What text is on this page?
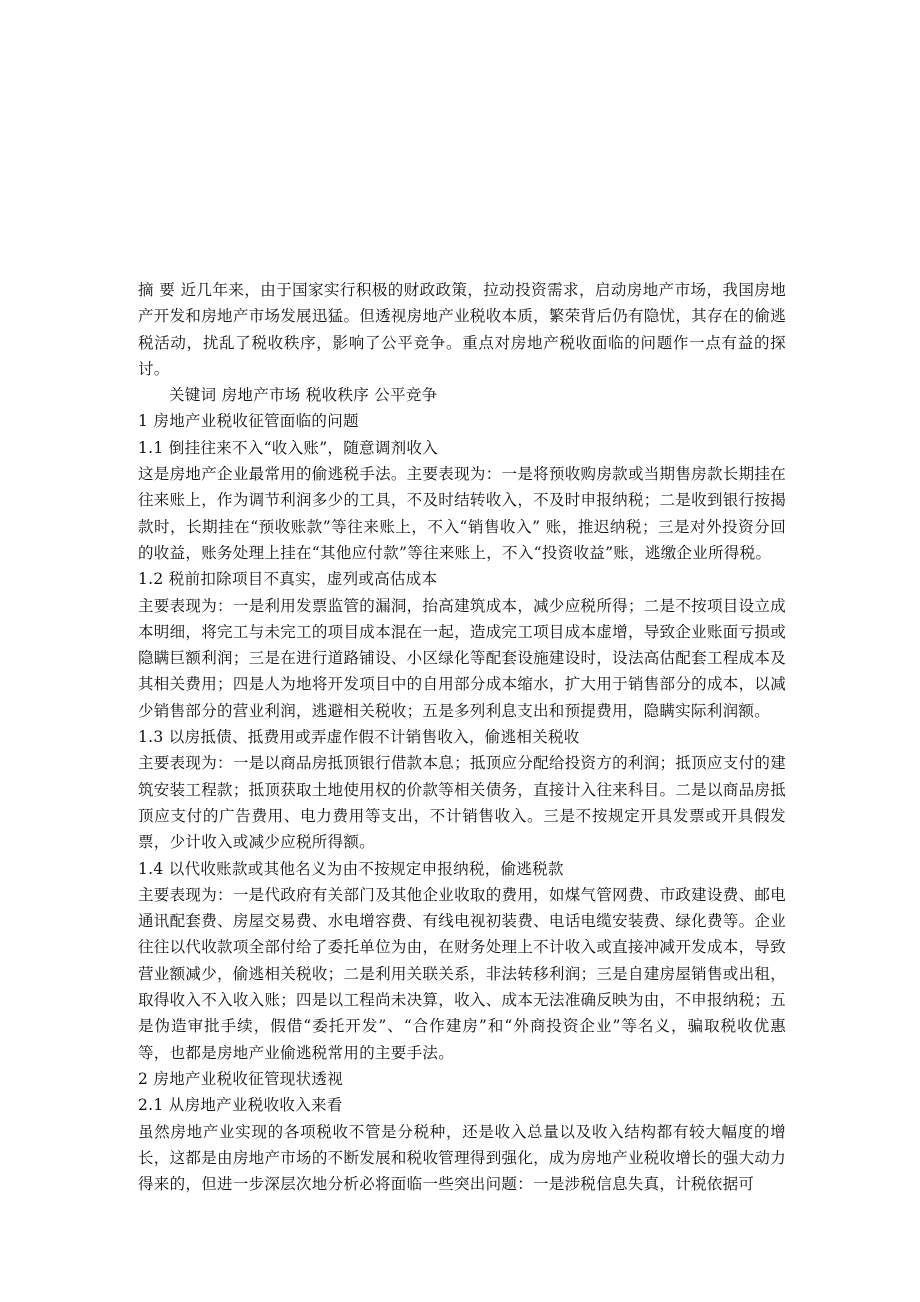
摘 要 近几年来，由于国家实行积极的财政政策，拉动投资需求，启动房地产市场，我国房地产开发和房地产市场发展迅猛。但透视房地产业税收本质，繁荣背后仍有隐忧，其存在的偷逃税活动，扰乱了税收秩序，影响了公平竞争。重点对房地产税收面临的问题作一点有益的探讨。

关键词 房地产市场 税收秩序 公平竞争

1 房地产业税收征管面临的问题

1.1 倒挂往来不入“收入账”，随意调剂收入

这是房地产企业最常用的偷逃税手法。主要表现为：一是将预收购房款或当期售房款长期挂在往来账上，作为调节利润多少的工具，不及时结转收入，不及时申报纳税；二是收到银行按揭款时，长期挂在“预收账款”等往来账上，不入“销售收入” 账，推迟纳税；三是对外投资分回的收益，账务处理上挂在“其他应付款”等往来账上，不入“投资收益”账，逃缴企业所得税。

1.2 税前扣除项目不真实，虚列或高估成本

主要表现为：一是利用发票监管的漏洞，抬高建筑成本，减少应税所得；二是不按项目设立成本明细，将完工与未完工的项目成本混在一起，造成完工项目成本虚增，导致企业账面亏损或隐瞒巨额利润；三是在进行道路铺设、小区绿化等配套设施建设时，设法高估配套工程成本及其相关费用；四是人为地将开发项目中的自用部分成本缩水，扩大用于销售部分的成本，以减少销售部分的营业利润，逃避相关税收；五是多列利息支出和预提费用，隐瞒实际利润额。

1.3 以房抵债、抵费用或弄虚作假不计销售收入，偷逃相关税收

主要表现为：一是以商品房抵顶银行借款本息；抵顶应分配给投资方的利润；抵顶应支付的建筑安装工程款；抵顶获取土地使用权的价款等相关债务，直接计入往来科目。二是以商品房抵顶应支付的广告费用、电力费用等支出，不计销售收入。三是不按规定开具发票或开具假发票，少计收入或减少应税所得额。

1.4 以代收账款或其他名义为由不按规定申报纳税，偷逃税款

主要表现为：一是代政府有关部门及其他企业收取的费用，如煤气管网费、市政建设费、邮电通讯配套费、房屋交易费、水电增容费、有线电视初装费、电话电缆安装费、绿化费等。企业往往以代收款项全部付给了委托单位为由，在财务处理上不计收入或直接冲减开发成本，导致营业额减少，偷逃相关税收；二是利用关联关系，非法转移利润；三是自建房屋销售或出租，取得收入不入收入账；四是以工程尚未决算，收入、成本无法准确反映为由，不申报纳税；五是伪造审批手续，假借“委托开发”、“合作建房”和“外商投资企业”等名义，骗取税收优惠等，也都是房地产业偷逃税常用的主要手法。

2 房地产业税收征管现状透视

2.1 从房地产业税收收入来看

虽然房地产业实现的各项税收不管是分税种，还是收入总量以及收入结构都有较大幅度的增长，这都是由房地产市场的不断发展和税收管理得到强化，成为房地产业税收增长的强大动力得来的，但进一步深层次地分析必将面临一些突出问题：一是涉税信息失真，计税依据可
